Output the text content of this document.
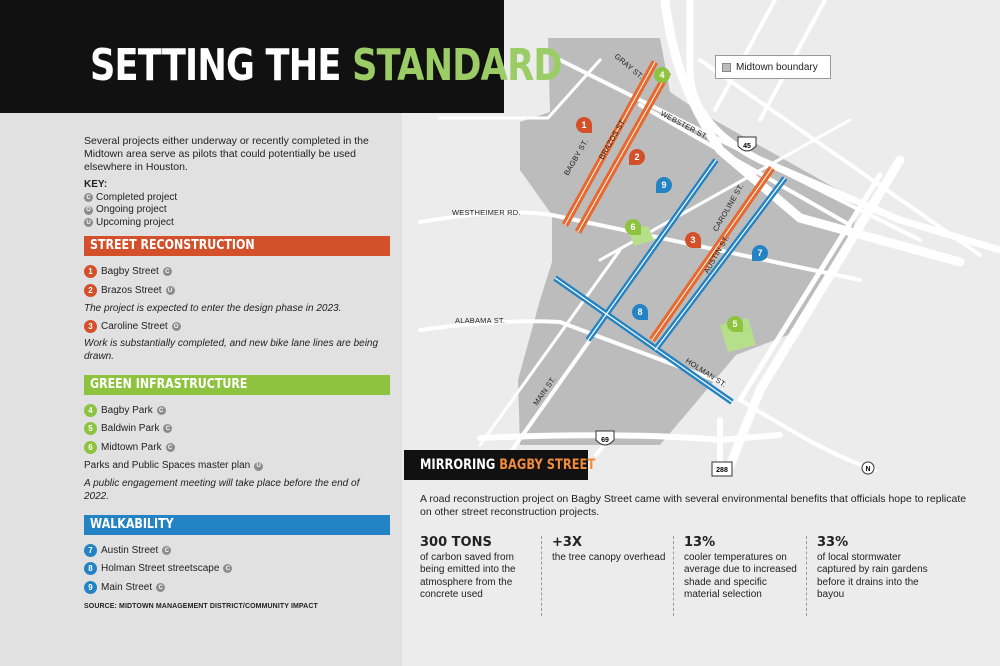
GRAY ST.
BAGBY ST. BRAZOS ST.	WEBSTER ST.
WESTHEIMER RD.	CAROLINE ST.
AUSTIN ST.
ALABAMA ST.
HOLMAN ST.
MAIN ST.
45
69
288	N
1
2
3
4
5
6
7
8
9
Midtown boundary
SETTING THE STANDARD
Several projects either underway or recently completed in the Midtown area serve as pilots that could potentially be used elsewhere in Houston.
KEY:
C Completed project
O Ongoing project
U Upcoming project
STREET RECONSTRUCTION
1 Bagby Street	C
2 Brazos Street	U
The project is expected to enter the design phase in 2023.
3 Caroline Street	O
Work is substantially completed, and new bike lane lines are being drawn.
GREEN INFRASTRUCTURE
4 Bagby Park	C
5 Baldwin Park	C
6 Midtown Park	C
Parks and Public Spaces master plan	U
A public engagement meeting will take place before the end of 2022.
WALKABILITY
7 Austin Street	C
8 Holman Street streetscape	C
9 Main Street	C
SOURCE: MIDTOWN MANAGEMENT DISTRICT/COMMUNITY IMPACT
MIRRORING BAGBY STREET
A road reconstruction project on Bagby Street came with several environmental benefits that officials hope to replicate on other street reconstruction projects.
300 TONS
of carbon saved from being emitted into the atmosphere from the concrete used
+3X
the tree canopy overhead
13%
cooler temperatures on average due to increased shade and specific material selection
33%
of local stormwater captured by rain gardens before it drains into the bayou
